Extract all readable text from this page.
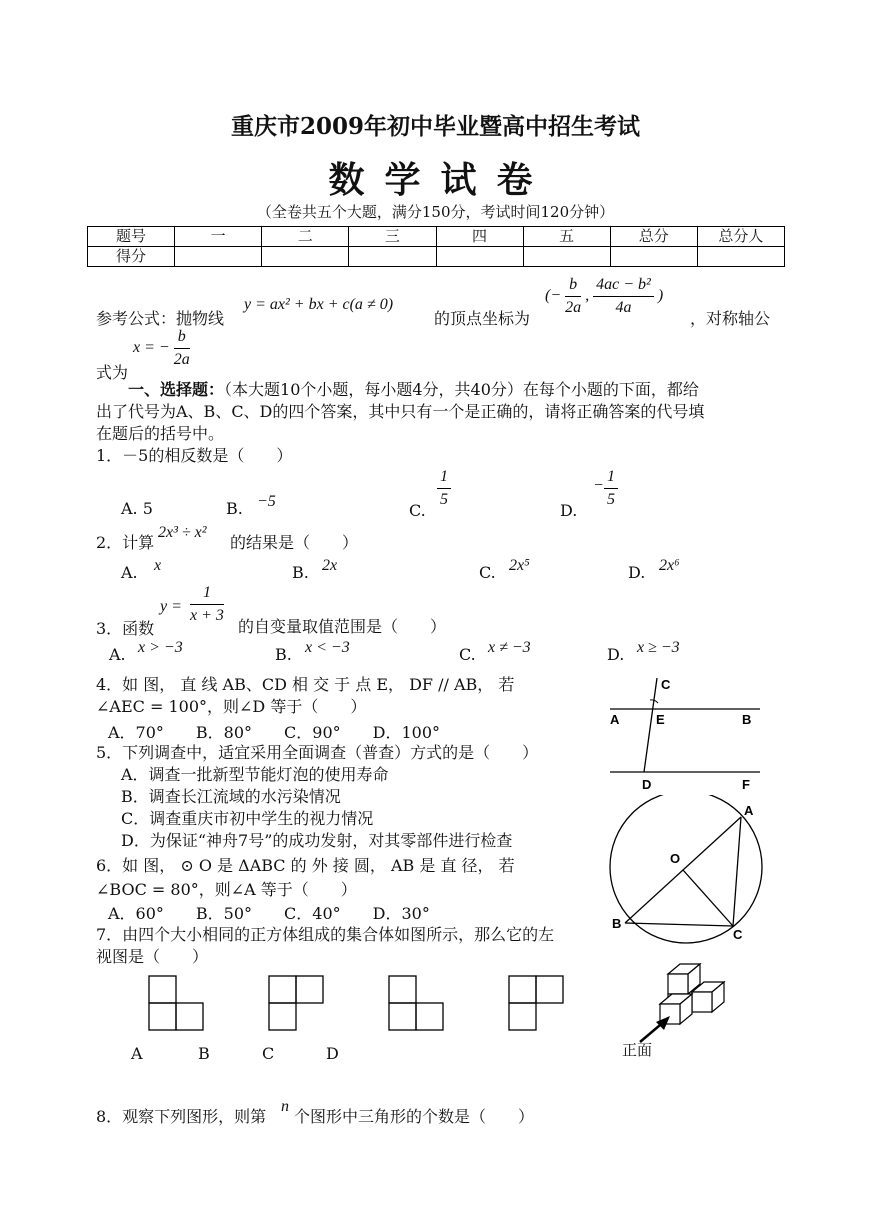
重庆市2009年初中毕业暨高中招生考试
数学试卷
（全卷共五个大题，满分150分，考试时间120分钟）
题号	一	二	三	四	五	总分	总分人
得分							
参考公式：抛物线
y = ax² + bx + c(a ≠ 0)
的顶点坐标为
(− $\frac{b}{2a}$ , $\frac{\text{4ac − b²}}{4a}$ )
，对称轴公
式为
x = − $\frac{b}{2a}$
一、选择题：（本大题10个小题，每小题4分，共40分）在每个小题的下面，都给
出了代号为A、B、C、D的四个答案，其中只有一个是正确的，请将正确答案的代号填
在题后的括号中。
1．－5的相反数是（　　）
A. 5	B. −5	C. $\frac{1}{5}$	D.
− $\frac{1}{5}$
2．计算
2x³ ÷ x²
的结果是（　　）
A. x	B. 2x	C. 2x⁵	D. 2x⁶
3．函数
$y = \frac{1}{x + 3}$ 的自变量取值范围是（　　）
A. x > −3	B. x < −3	C. x ≠ −3	D. x ≥ −3
4．如 图， 直 线 AB、CD 相 交 于 点 E， DF // AB， 若
∠AEC = 100°，则∠D 等于（　　）
A．70°　　B．80°　　C．90°　　D．100°
C
A	E	B
D	F
5．下列调查中，适宜采用全面调查（普查）方式的是（　　）
A．调查一批新型节能灯泡的使用寿命
B．调查长江流域的水污染情况
C．调查重庆市初中学生的视力情况
D．为保证“神舟7号”的成功发射，对其零部件进行检查
6．如 图， ⊙ O 是 ΔABC 的 外 接 圆， AB 是 直 径， 若
∠BOC = 80°，则∠A 等于（　　）
A．60°　　B．50°　　C．40°　　D．30°
A
O
B
C
7．由四个大小相同的正方体组成的集合体如图所示，那么它的左
视图是（　　）
A	B	C	D	正面
8．观察下列图形，则第
n
个图形中三角形的个数是（　　）
